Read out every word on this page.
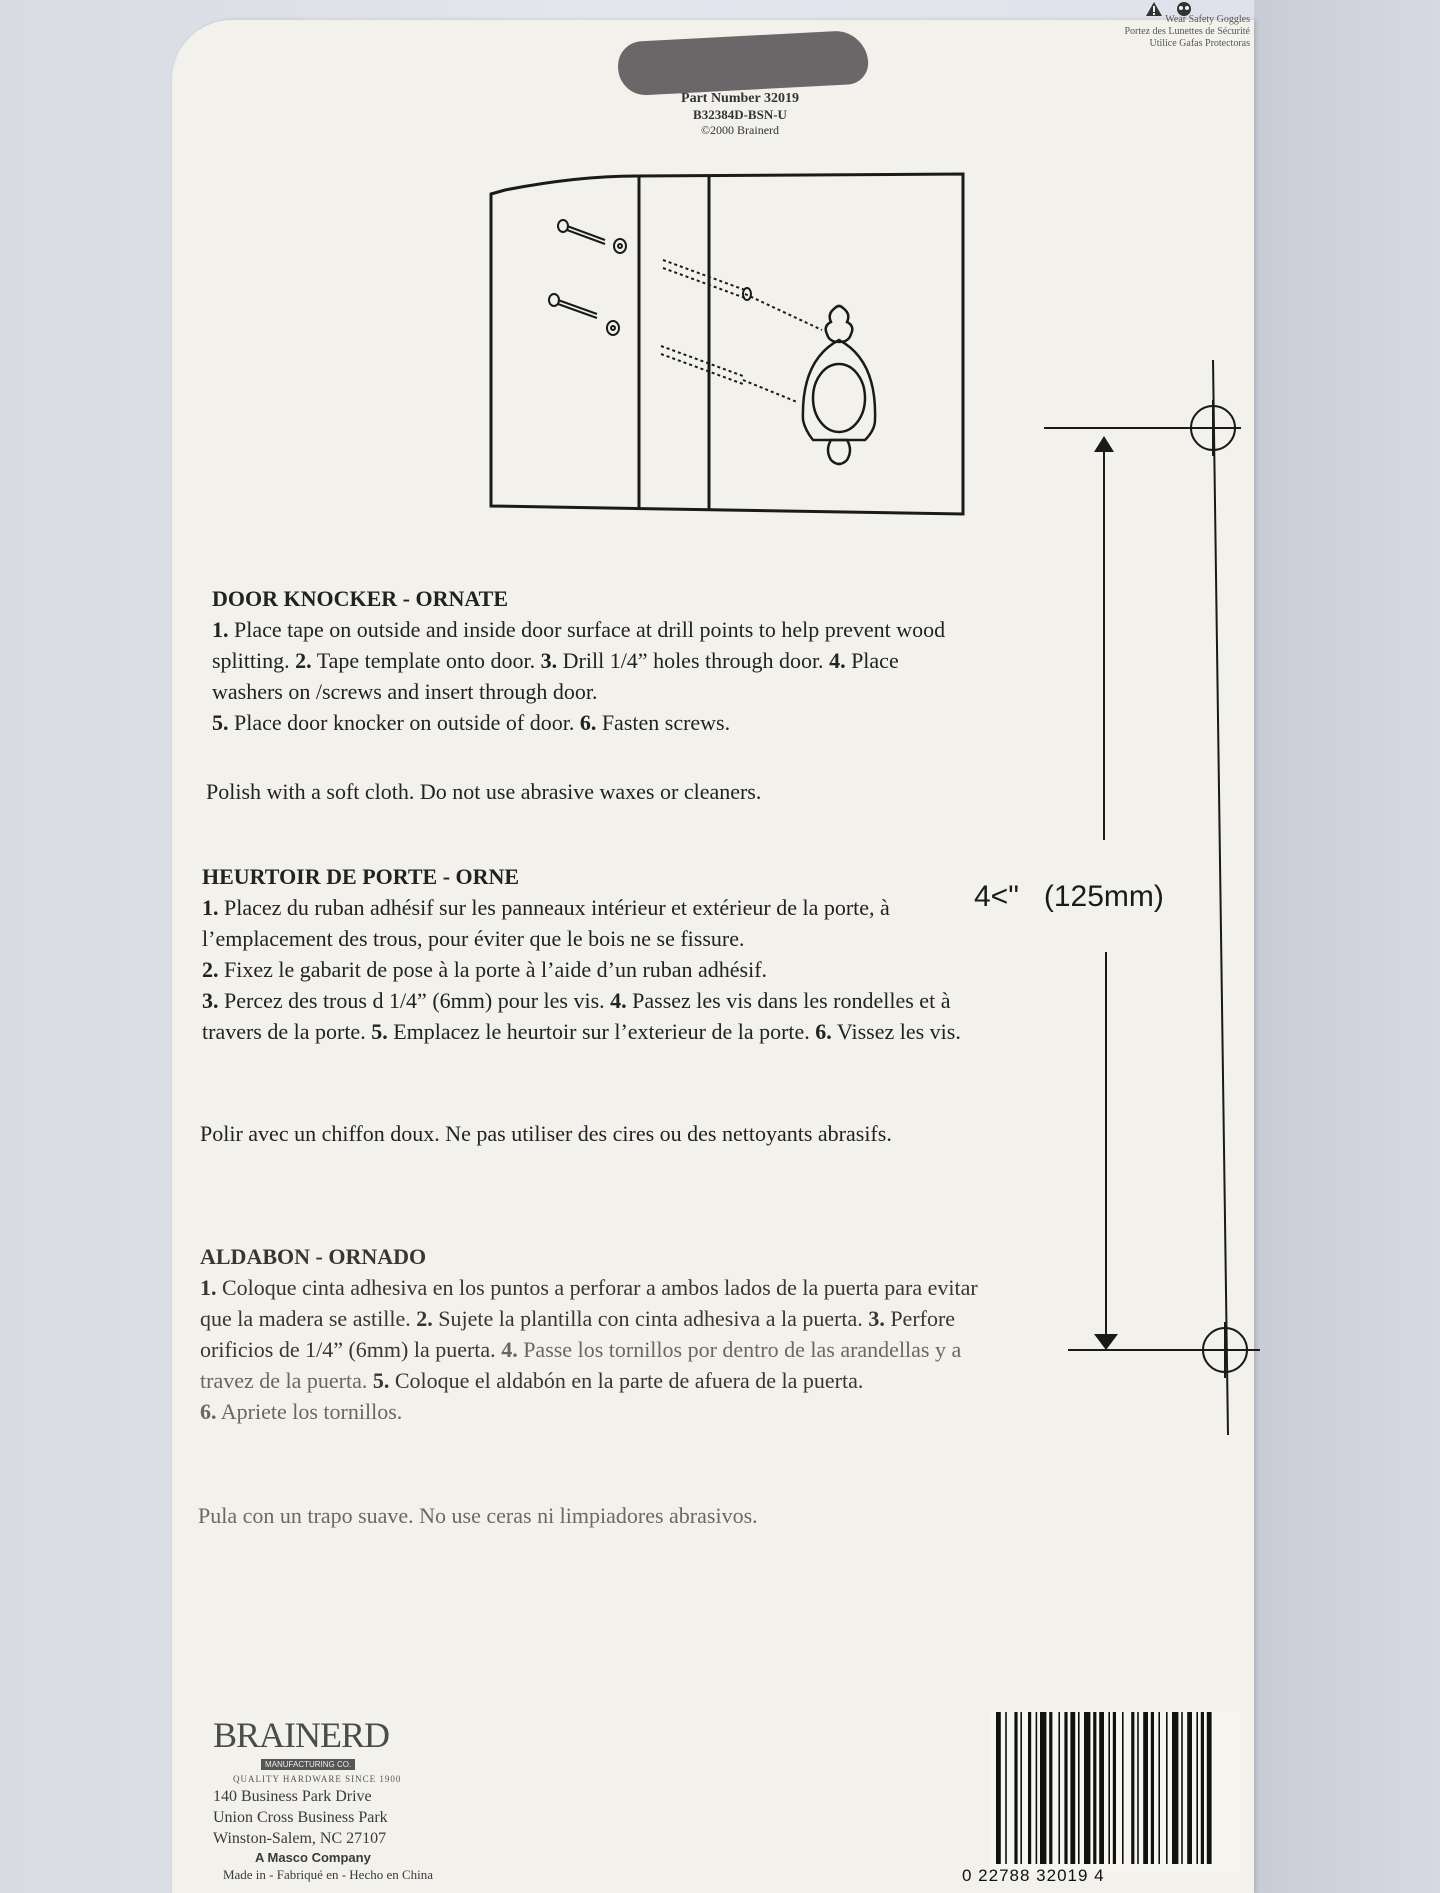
Wear Safety Goggles
Portez des Lunettes de Sécurité
Utilice Gafas Protectoras
Part Number 32019
B32384D-BSN-U
©2000 Brainerd
DOOR KNOCKER - ORNATE
1. Place tape on outside and inside door surface at drill points to help prevent wood splitting. 2. Tape template onto door. 3. Drill 1/4” holes through door. 4. Place washers on /screws and insert through door.
5. Place door knocker on outside of door. 6. Fasten screws.
Polish with a soft cloth. Do not use abrasive waxes or cleaners.
HEURTOIR DE PORTE - ORNE
1. Placez du ruban adhésif sur les panneaux intérieur et extérieur de la porte, à l’emplacement des trous, pour éviter que le bois ne se fissure.
2. Fixez le gabarit de pose à la porte à l’aide d’un ruban adhésif.
3. Percez des trous d 1/4” (6mm) pour les vis. 4. Passez les vis dans les rondelles et à travers de la porte. 5. Emplacez le heurtoir sur l’exterieur de la porte. 6. Vissez les vis.
Polir avec un chiffon doux. Ne pas utiliser des cires ou des nettoyants abrasifs.
ALDABON - ORNADO
1. Coloque cinta adhesiva en los puntos a perforar a ambos lados de la puerta para evitar que la madera se astille. 2. Sujete la plantilla con cinta adhesiva a la puerta. 3. Perfore orificios de 1/4” (6mm) la puerta. 4. Passe los tornillos por dentro de las arandellas y a travez de la puerta. 5. Coloque el aldabón en la parte de afuera de la puerta.
6. Apriete los tornillos.
Pula con un trapo suave. No use ceras ni limpiadores abrasivos.
4<"   (125mm)
BRAINERD
MANUFACTURING CO.
QUALITY HARDWARE SINCE 1900
140 Business Park Drive
Union Cross Business Park
Winston-Salem, NC 27107
A Masco Company
Made in - Fabriqué en - Hecho en China	0 22788 32019 4
